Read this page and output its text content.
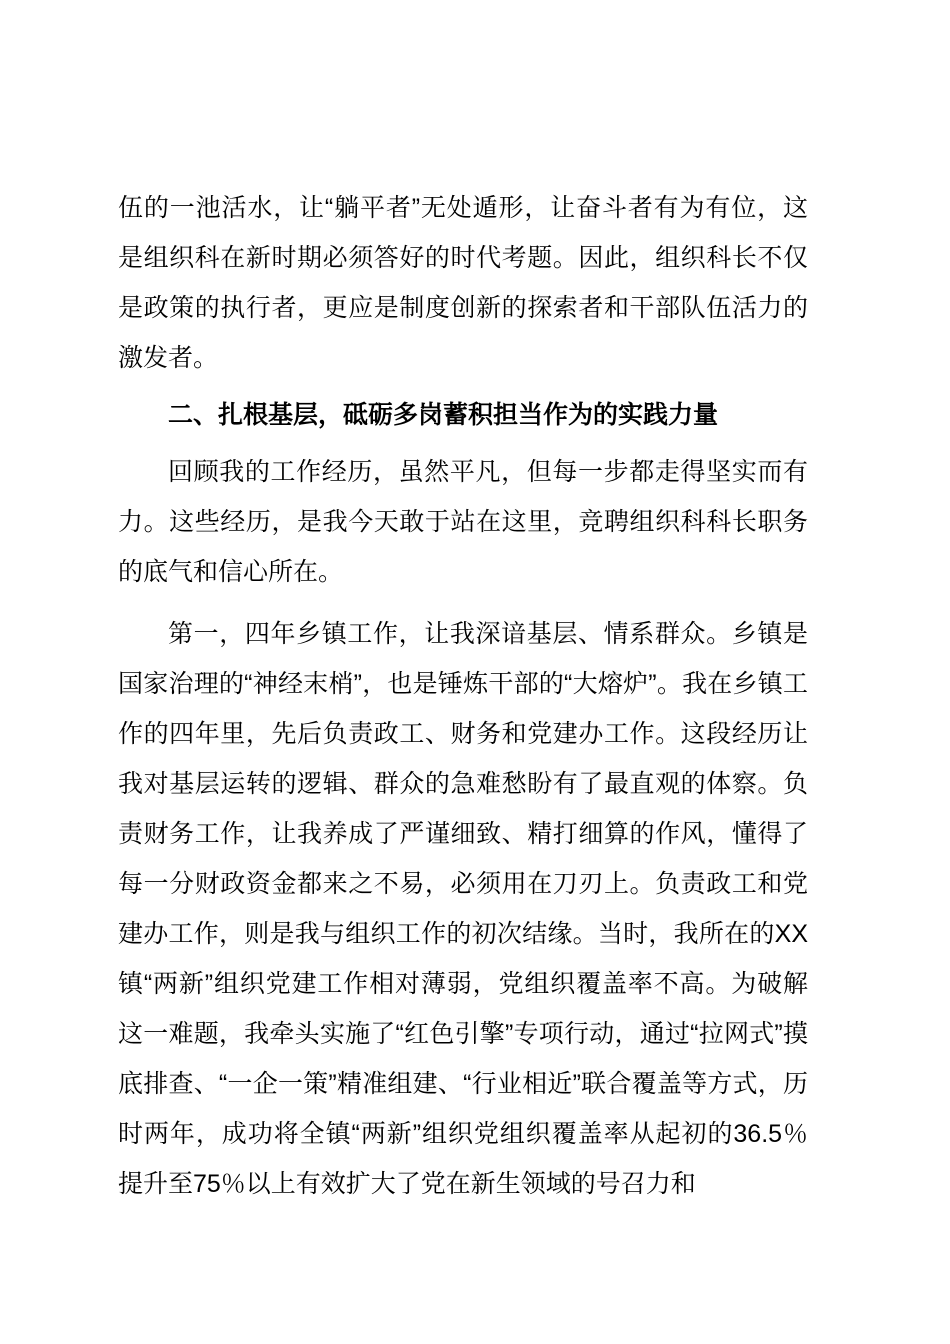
伍的一池活水，让“躺平者”无处遁形，让奋斗者有为有位，这是组织科在新时期必须答好的时代考题。因此，组织科长不仅是政策的执行者，更应是制度创新的探索者和干部队伍活力的激发者。

二、扎根基层，砥砺多岗蓄积担当作为的实践力量

回顾我的工作经历，虽然平凡，但每一步都走得坚实而有力。这些经历，是我今天敢于站在这里，竞聘组织科科长职务的底气和信心所在。

第一，四年乡镇工作，让我深谙基层、情系群众。乡镇是国家治理的“神经末梢”，也是锤炼干部的“大熔炉”。我在乡镇工作的四年里，先后负责政工、财务和党建办工作。这段经历让我对基层运转的逻辑、群众的急难愁盼有了最直观的体察。负责财务工作，让我养成了严谨细致、精打细算的作风，懂得了每一分财政资金都来之不易，必须用在刀刃上。负责政工和党建办工作，则是我与组织工作的初次结缘。当时，我所在的XX镇“两新”组织党建工作相对薄弱，党组织覆盖率不高。为破解这一难题，我牵头实施了“红色引擎”专项行动，通过“拉网式”摸底排查、“一企一策”精准组建、“行业相近”联合覆盖等方式，历时两年，成功将全镇“两新”组织党组织覆盖率从起初的36.5％提升至75％以上有效扩大了党在新生领域的号召力和
